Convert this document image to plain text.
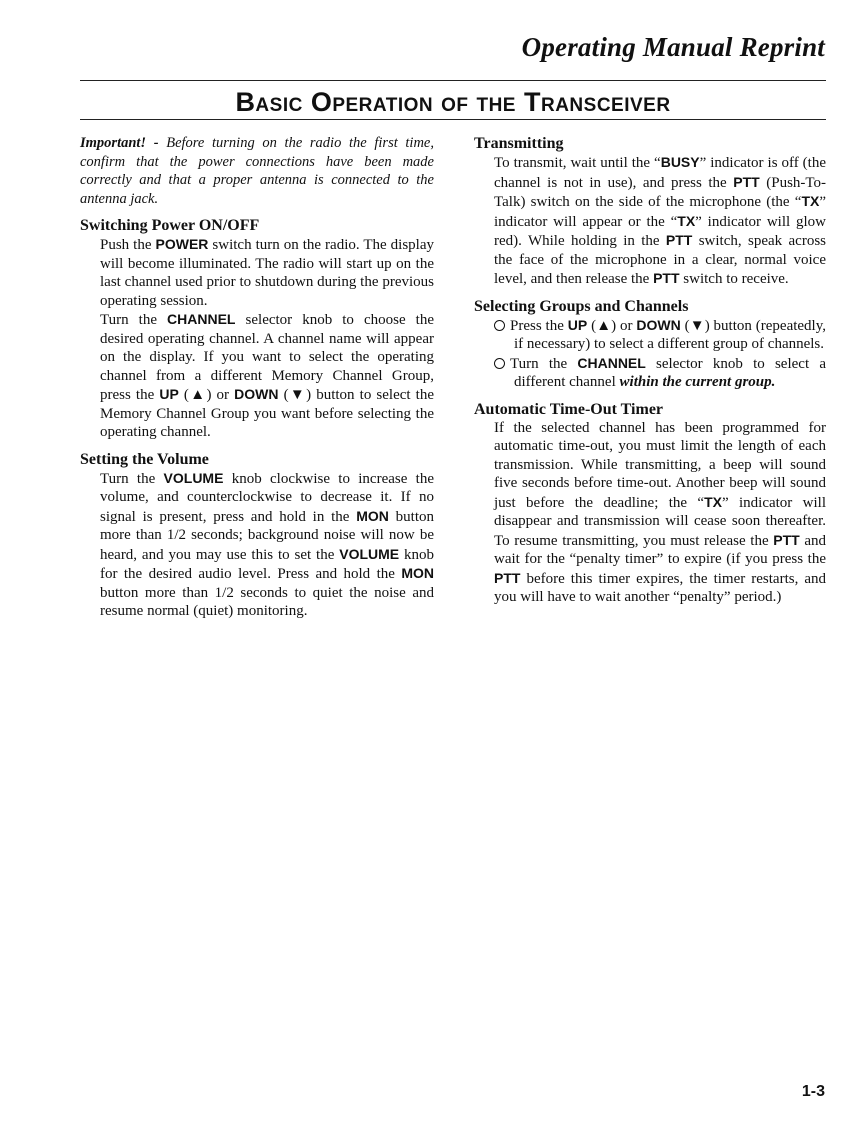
Operating Manual Reprint
Basic Operation of the Transceiver

Important! - Before turning on the radio the first time, confirm that the power connections have been made correctly and that a proper antenna is connected to the antenna jack.

Switching Power ON/OFF

Push the POWER switch turn on the radio. The display will become illuminated. The radio will start up on the last channel used prior to shutdown during the previous operating session.

Turn the CHANNEL selector knob to choose the desired operating channel. A channel name will appear on the display. If you want to select the operating channel from a different Memory Channel Group, press the UP (▲) or DOWN (▼) button to select the Memory Channel Group you want before selecting the operating channel.

Setting the Volume

Turn the VOLUME knob clockwise to increase the volume, and counterclockwise to decrease it. If no signal is present, press and hold in the MON button more than 1/2 seconds; background noise will now be heard, and you may use this to set the VOLUME knob for the desired audio level. Press and hold the MON button more than 1/2 seconds to quiet the noise and resume normal (quiet) monitoring.

Transmitting

To transmit, wait until the “BUSY” indicator is off (the channel is not in use), and press the PTT (Push-To-Talk) switch on the side of the microphone (the “TX” indicator will appear or the “TX” indicator will glow red). While holding in the PTT switch, speak across the face of the microphone in a clear, normal voice level, and then release the PTT switch to receive.

Selecting Groups and Channels

Press the UP (▲) or DOWN (▼) button (repeatedly, if necessary) to select a different group of channels.

Turn the CHANNEL selector knob to select a different channel within the current group.

Automatic Time-Out Timer

If the selected channel has been programmed for automatic time-out, you must limit the length of each transmission. While transmitting, a beep will sound five seconds before time-out. Another beep will sound just before the deadline; the “TX” indicator will disappear and transmission will cease soon thereafter. To resume transmitting, you must release the PTT and wait for the “penalty timer” to expire (if you press the PTT before this timer expires, the timer restarts, and you will have to wait another “penalty” period.)

1-3
